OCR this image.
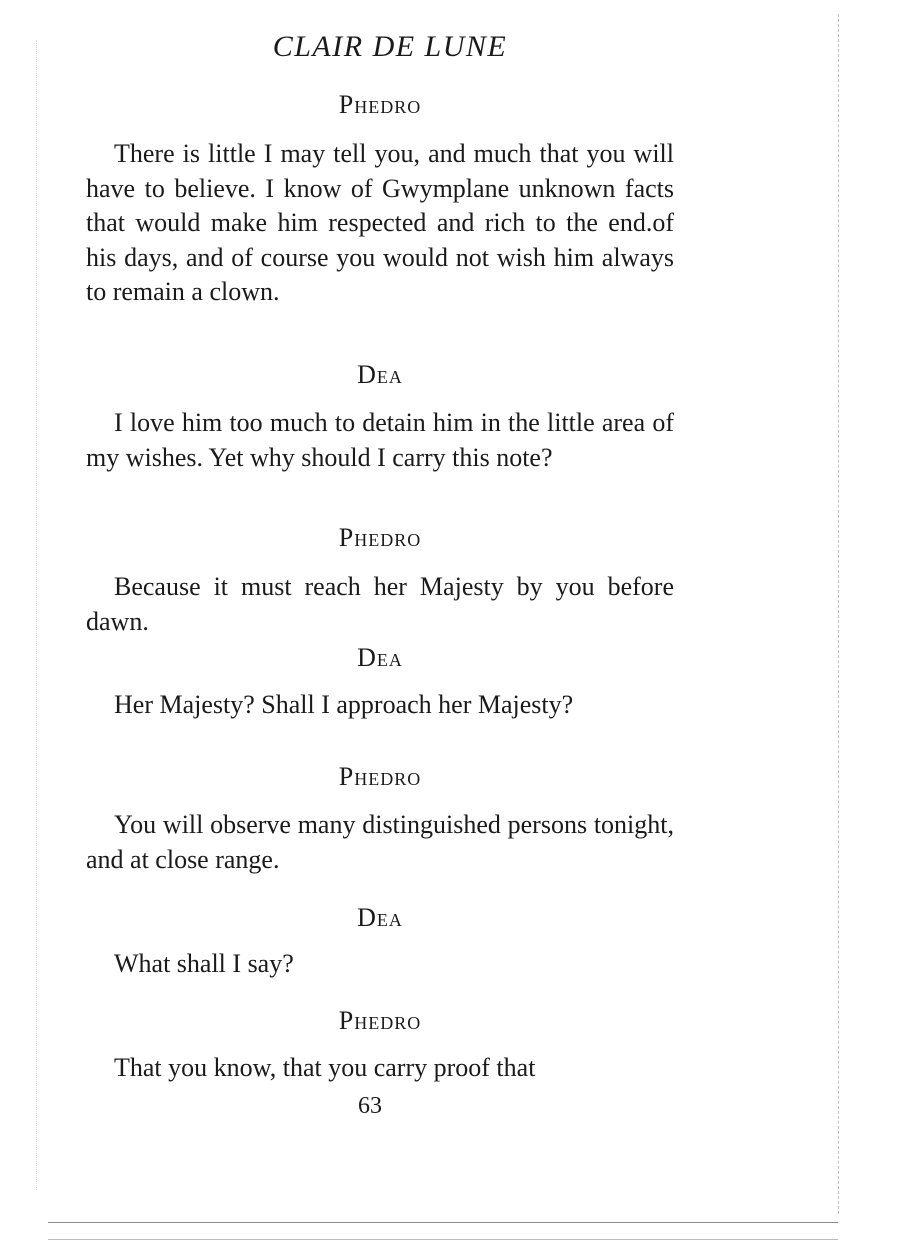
CLAIR DE LUNE
Phedro

There is little I may tell you, and much that you will have to believe. I know of Gwymplane unknown facts that would make him respected and rich to the end.of his days, and of course you would not wish him always to remain a clown.

Dea

I love him too much to detain him in the little area of my wishes. Yet why should I carry this note?

Phedro

Because it must reach her Majesty by you before dawn.

Dea

Her Majesty? Shall I approach her Majesty?

Phedro

You will observe many distinguished persons tonight, and at close range.

Dea

What shall I say?

Phedro

That you know, that you carry proof that

63
